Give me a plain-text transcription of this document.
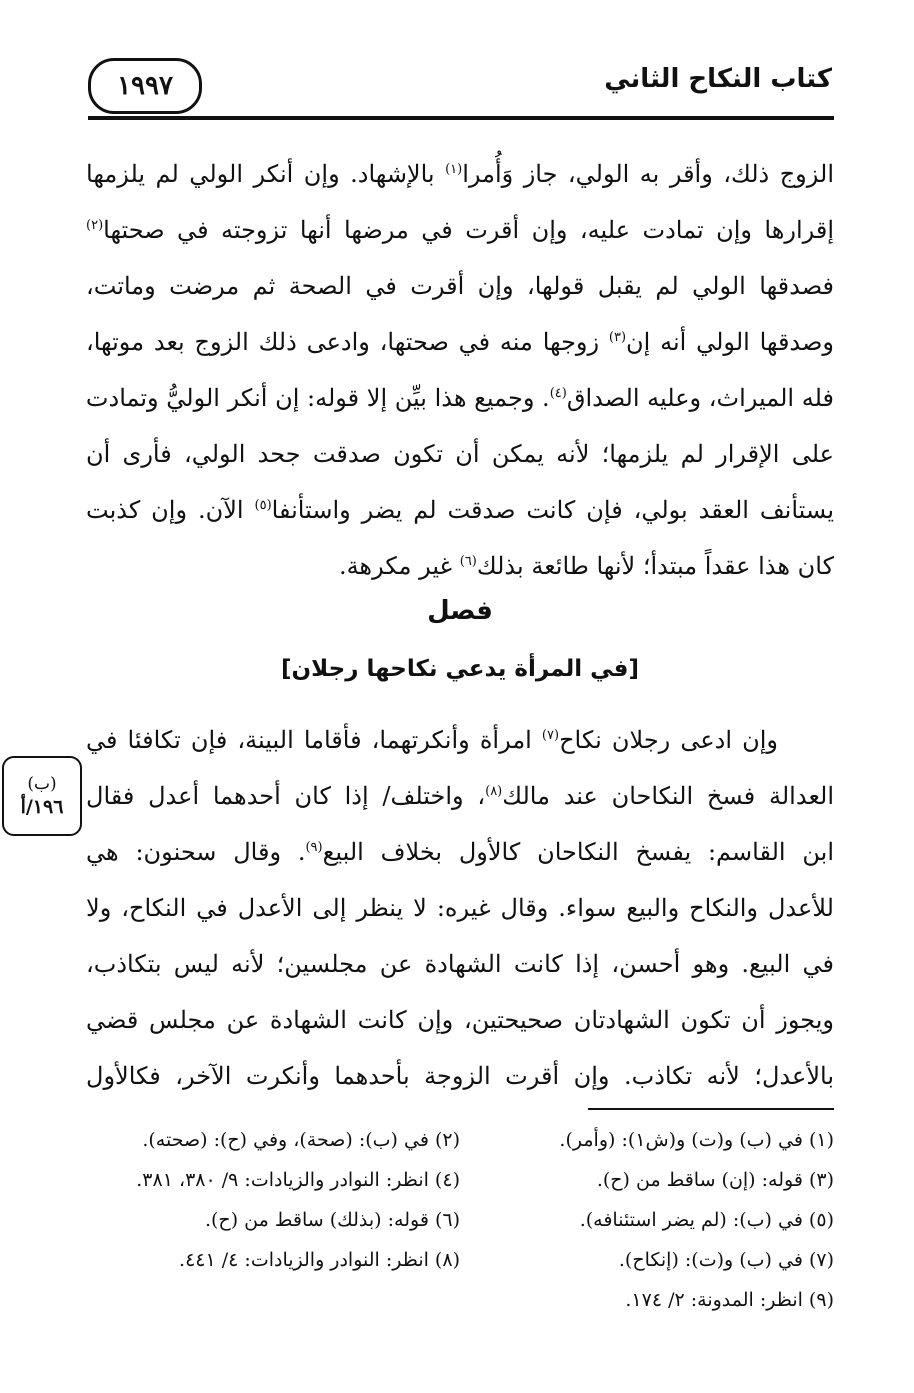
١٩٩٧	كتاب النكاح الثاني
الزوج ذلك، وأقر به الولي، جاز وَأُمرا$^{(١)}$ بالإشهاد. وإن أنكر الولي لم يلزمها
إقرارها وإن تمادت عليه، وإن أقرت في مرضها أنها تزوجته في صحتها$^{(٢)}$
فصدقها الولي لم يقبل قولها، وإن أقرت في الصحة ثم مرضت وماتت،
وصدقها الولي أنه إن$^{(٣)}$ زوجها منه في صحتها، وادعى ذلك الزوج بعد موتها،
فله الميراث، وعليه الصداق$^{(٤)}$. وجميع هذا بيِّن إلا قوله: إن أنكر الوليُّ وتمادت
على الإقرار لم يلزمها؛ لأنه يمكن أن تكون صدقت جحد الولي، فأرى أن
يستأنف العقد بولي، فإن كانت صدقت لم يضر واستأنفا$^{(٥)}$ الآن. وإن كذبت
كان هذا عقداً مبتدأ؛ لأنها طائعة بذلك$^{(٦)}$ غير مكرهة.
فصل
[في المرأة يدعي نكاحها رجلان]
وإن ادعى رجلان نكاح$^{(٧)}$ امرأة وأنكرتهما، فأقاما البينة، فإن تكافئا في
العدالة فسخ النكاحان عند مالك$^{(٨)}$، واختلف/ إذا كان أحدهما أعدل فقال
ابن القاسم: يفسخ النكاحان كالأول بخلاف البيع$^{(٩)}$. وقال سحنون: هي
للأعدل والنكاح والبيع سواء. وقال غيره: لا ينظر إلى الأعدل في النكاح، ولا
في البيع. وهو أحسن، إذا كانت الشهادة عن مجلسين؛ لأنه ليس بتكاذب،
ويجوز أن تكون الشهادتان صحيحتين، وإن كانت الشهادة عن مجلس قضي
بالأعدل؛ لأنه تكاذب. وإن أقرت الزوجة بأحدهما وأنكرت الآخر، فكالأول
(ب)
١٩٦/أ
(١) في (ب) و(ت) و(ش١): (وأمر).
(٢) في (ب): (صحة)، وفي (ح): (صحته).
(٣) قوله: (إن) ساقط من (ح).
(٤) انظر: النوادر والزيادات: ٩/ ٣٨٠، ٣٨١.
(٥) في (ب): (لم يضر استئنافه).
(٦) قوله: (بذلك) ساقط من (ح).
(٧) في (ب) و(ت): (إنكاح).
(٨) انظر: النوادر والزيادات: ٤/ ٤٤١.
(٩) انظر: المدونة: ٢/ ١٧٤.
